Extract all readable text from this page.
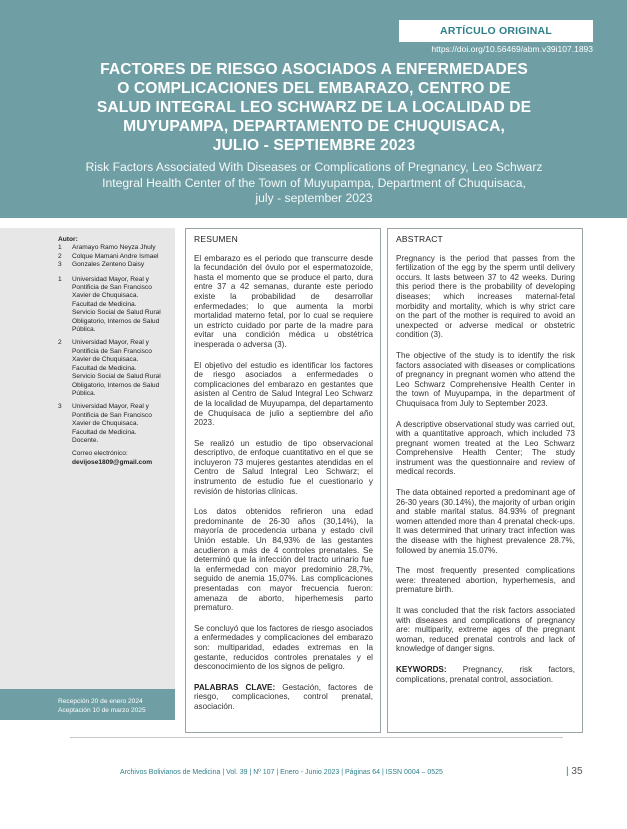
ARTÍCULO ORIGINAL
https://doi.org/10.56469/abm.v39i107.1893
FACTORES DE RIESGO ASOCIADOS A ENFERMEDADES
O COMPLICACIONES DEL EMBARAZO, CENTRO DE
SALUD INTEGRAL LEO SCHWARZ DE LA LOCALIDAD DE
MUYUPAMPA, DEPARTAMENTO DE CHUQUISACA,
JULIO - SEPTIEMBRE 2023

Risk Factors Associated With Diseases or Complications of Pregnancy, Leo Schwarz
Integral Health Center of the Town of Muyupampa, Department of Chuquisaca,
july - september 2023

Autor:
1	Aramayo Ramo Neyza Jhuly
2	Colque Mamani Andre Ismael
3	Gonzales Zenteno Daisy
1	Universidad Mayor, Real y
Pontificia de San Francisco
Xavier de Chuquisaca.
Facultad de Medicina.
Servicio Social de Salud Rural
Obligatorio, Internos de Salud
Pública.
2	Universidad Mayor, Real y
Pontificia de San Francisco
Xavier de Chuquisaca.
Facultad de Medicina.
Servicio Social de Salud Rural
Obligatorio, Internos de Salud
Pública.
3	Universidad Mayor, Real y
Pontificia de San Francisco
Xavier de Chuquisaca.
Facultad de Medicina.
Docente.
Correo electrónico:
devijose1809@gmail.com
Recepción 20 de enero 2024
Aceptación 10 de marzo 2025
RESUMEN

El embarazo es el periodo que transcurre desde la fecundación del óvulo por el espermatozoide, hasta el momento que se produce el parto, dura entre 37 a 42 semanas, durante este periodo existe la probabilidad de desarrollar enfermedades; lo que aumenta la morbi mortalidad materno fetal, por lo cual se requiere un estricto cuidado por parte de la madre para evitar una condición médica u obstétrica inesperada o adversa (3).

El objetivo del estudio es identificar los factores de riesgo asociados a enfermedades o complicaciones del embarazo en gestantes que asisten al Centro de Salud Integral Leo Schwarz de la localidad de Muyupampa, del departamento de Chuquisaca de julio a septiembre del año 2023.

Se realizó un estudio de tipo observacional descriptivo, de enfoque cuantitativo en el que se incluyeron 73 mujeres gestantes atendidas en el Centro de Salud Integral Leo Schwarz; el instrumento de estudio fue el cuestionario y revisión de historias clínicas.

Los datos obtenidos refirieron una edad predominante de 26-30 años (30,14%), la mayoría de procedencia urbana y estado civil Unión estable. Un 84,93% de las gestantes acudieron a más de 4 controles prenatales. Se determinó que la infección del tracto urinario fue la enfermedad con mayor predominio 28,7%, seguido de anemia 15,07%. Las complicaciones presentadas con mayor frecuencia fueron: amenaza de aborto, hiperhemesis parto prematuro.

Se concluyó que los factores de riesgo asociados a enfermedades y complicaciones del embarazo son: multiparidad, edades extremas en la gestante, reducidos controles prenatales y el desconocimiento de los signos de peligro.

PALABRAS CLAVE: Gestación, factores de riesgo, complicaciones, control prenatal, asociación.

ABSTRACT

Pregnancy is the period that passes from the fertilization of the egg by the sperm until delivery occurs. It lasts between 37 to 42 weeks. During this period there is the probability of developing diseases; which increases maternal-fetal morbidity and mortality, which is why strict care on the part of the mother is required to avoid an unexpected or adverse medical or obstetric condition (3).

The objective of the study is to identify the risk factors associated with diseases or complications of pregnancy in pregnant women who attend the Leo Schwarz Comprehensive Health Center in the town of Muyupampa, in the department of Chuquisaca from July to September 2023.

A descriptive observational study was carried out, with a quantitative approach, which included 73 pregnant women treated at the Leo Schwarz Comprehensive Health Center; The study instrument was the questionnaire and review of medical records.

The data obtained reported a predominant age of 26-30 years (30.14%), the majority of urban origin and stable marital status. 84.93% of pregnant women attended more than 4 prenatal check-ups. It was determined that urinary tract infection was the disease with the highest prevalence 28.7%, followed by anemia 15.07%.

The most frequently presented complications were: threatened abortion, hyperhemesis, and premature birth.

It was concluded that the risk factors associated with diseases and complications of pregnancy are: multiparity, extreme ages of the pregnant woman, reduced prenatal controls and lack of knowledge of danger signs.

KEYWORDS: Pregnancy, risk factors, complications, prenatal control, association.

Archivos Bolivianos de Medicina | Vol. 39 | Nº 107 | Enero - Junio 2023 | Páginas 64 | ISSN 0004 – 0525	| 35
